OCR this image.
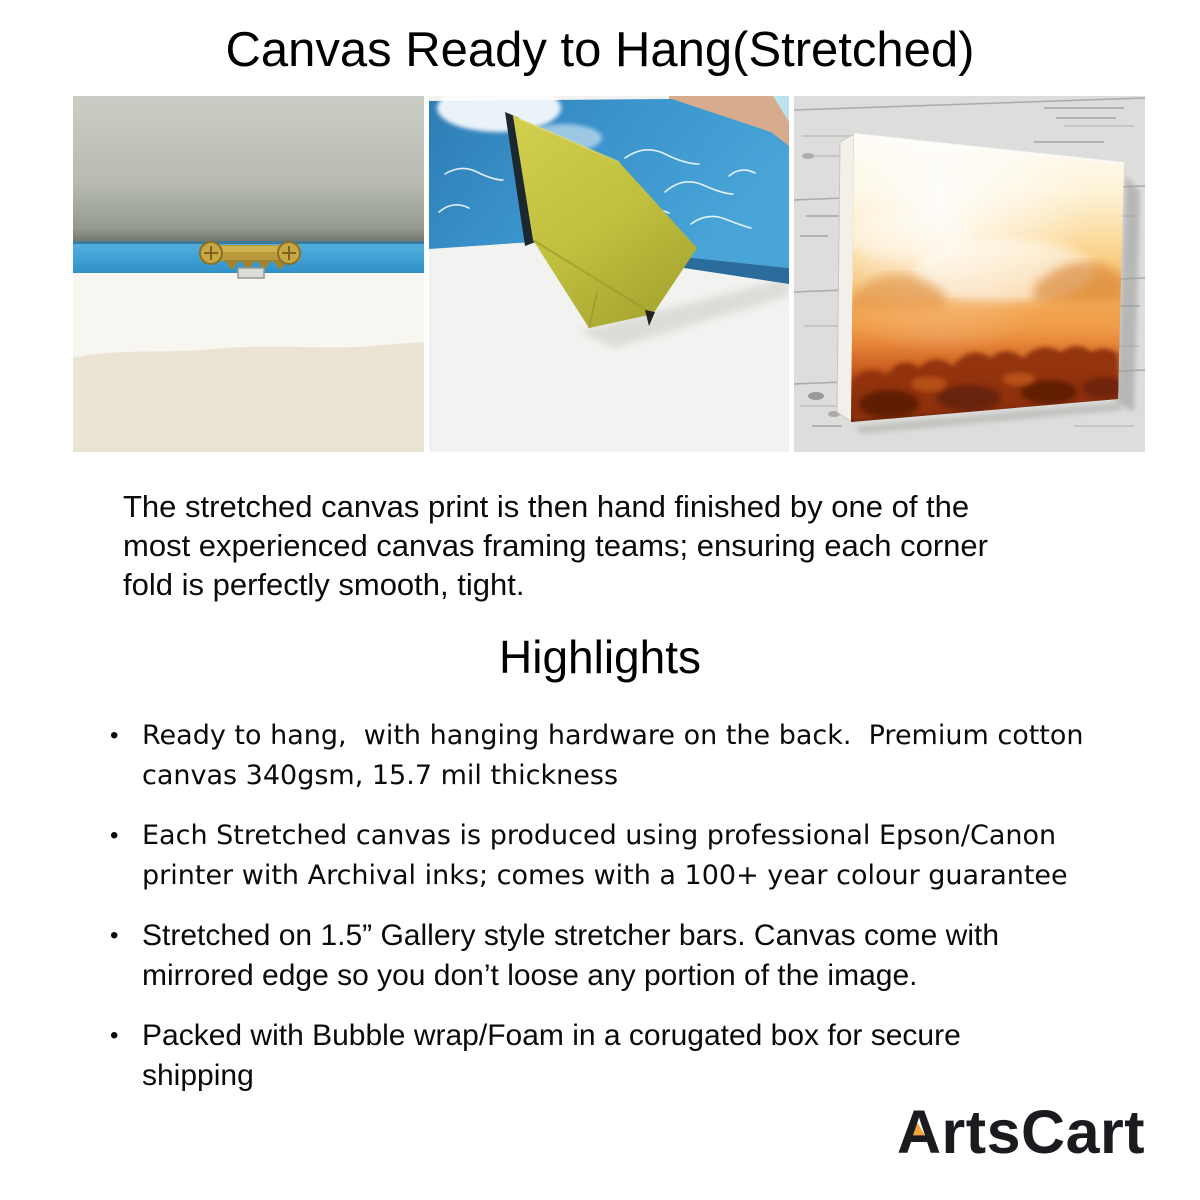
Canvas Ready to Hang(Stretched)
The stretched canvas print is then hand finished by one of the
most experienced canvas framing teams; ensuring each corner
fold is perfectly smooth, tight.
Highlights
• Ready to hang,  with hanging hardware on the back.  Premium cotton
canvas 340gsm, 15.7 mil thickness
• Each Stretched canvas is produced using professional Epson/Canon
printer with Archival inks; comes with a 100+ year colour guarantee
• Stretched on 1.5” Gallery style stretcher bars. Canvas come with
mirrored edge so you don’t loose any portion of the image.
• Packed with Bubble wrap/Foam in a corugated box for secure
shipping
ArtsCart
